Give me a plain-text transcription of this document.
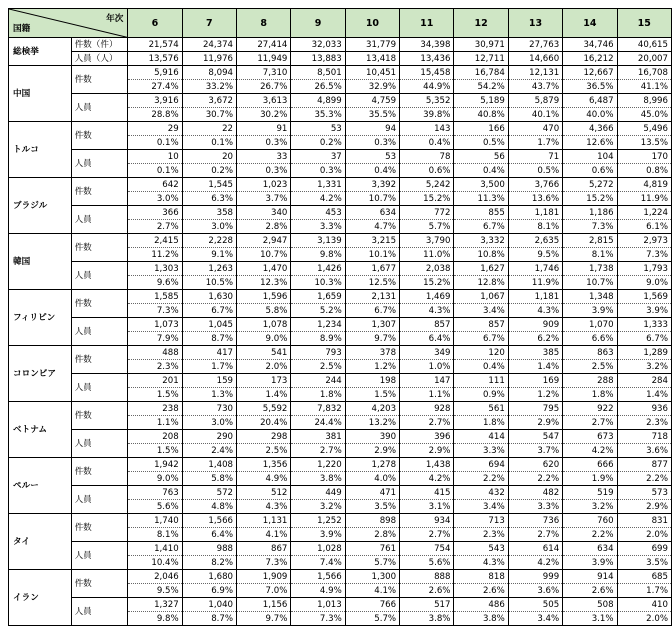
年次
国籍		6	7	8	9	10	11	12	13	14	15
総検挙	件数（件）	21,574	24,374	27,414	32,033	31,779	34,398	30,971	27,763	34,746	40,615
	人員（人）	13,576	11,976	11,949	13,883	13,418	13,436	12,711	14,660	16,212	20,007
中国	件数	5,916	8,094	7,310	8,501	10,451	15,458	16,784	12,131	12,667	16,708
		27.4%	33.2%	26.7%	26.5%	32.9%	44.9%	54.2%	43.7%	36.5%	41.1%
	人員	3,916	3,672	3,613	4,899	4,759	5,352	5,189	5,879	6,487	8,996
		28.8%	30.7%	30.2%	35.3%	35.5%	39.8%	40.8%	40.1%	40.0%	45.0%
トルコ	件数	29	22	91	53	94	143	166	470	4,366	5,496
		0.1%	0.1%	0.3%	0.2%	0.3%	0.4%	0.5%	1.7%	12.6%	13.5%
	人員	10	20	33	37	53	78	56	71	104	170
		0.1%	0.2%	0.3%	0.3%	0.4%	0.6%	0.4%	0.5%	0.6%	0.8%
ブラジル	件数	642	1,545	1,023	1,331	3,392	5,242	3,500	3,766	5,272	4,819
		3.0%	6.3%	3.7%	4.2%	10.7%	15.2%	11.3%	13.6%	15.2%	11.9%
	人員	366	358	340	453	634	772	855	1,181	1,186	1,224
		2.7%	3.0%	2.8%	3.3%	4.7%	5.7%	6.7%	8.1%	7.3%	6.1%
韓国	件数	2,415	2,228	2,947	3,139	3,215	3,790	3,332	2,635	2,815	2,973
		11.2%	9.1%	10.7%	9.8%	10.1%	11.0%	10.8%	9.5%	8.1%	7.3%
	人員	1,303	1,263	1,470	1,426	1,677	2,038	1,627	1,746	1,738	1,793
		9.6%	10.5%	12.3%	10.3%	12.5%	15.2%	12.8%	11.9%	10.7%	9.0%
フィリピン	件数	1,585	1,630	1,596	1,659	2,131	1,469	1,067	1,181	1,348	1,569
		7.3%	6.7%	5.8%	5.2%	6.7%	4.3%	3.4%	4.3%	3.9%	3.9%
	人員	1,073	1,045	1,078	1,234	1,307	857	857	909	1,070	1,333
		7.9%	8.7%	9.0%	8.9%	9.7%	6.4%	6.7%	6.2%	6.6%	6.7%
コロンビア	件数	488	417	541	793	378	349	120	385	863	1,289
		2.3%	1.7%	2.0%	2.5%	1.2%	1.0%	0.4%	1.4%	2.5%	3.2%
	人員	201	159	173	244	198	147	111	169	288	284
		1.5%	1.3%	1.4%	1.8%	1.5%	1.1%	0.9%	1.2%	1.8%	1.4%
ベトナム	件数	238	730	5,592	7,832	4,203	928	561	795	922	936
		1.1%	3.0%	20.4%	24.4%	13.2%	2.7%	1.8%	2.9%	2.7%	2.3%
	人員	208	290	298	381	390	396	414	547	673	718
		1.5%	2.4%	2.5%	2.7%	2.9%	2.9%	3.3%	3.7%	4.2%	3.6%
ペルー	件数	1,942	1,408	1,356	1,220	1,278	1,438	694	620	666	877
		9.0%	5.8%	4.9%	3.8%	4.0%	4.2%	2.2%	2.2%	1.9%	2.2%
	人員	763	572	512	449	471	415	432	482	519	573
		5.6%	4.8%	4.3%	3.2%	3.5%	3.1%	3.4%	3.3%	3.2%	2.9%
タイ	件数	1,740	1,566	1,131	1,252	898	934	713	736	760	831
		8.1%	6.4%	4.1%	3.9%	2.8%	2.7%	2.3%	2.7%	2.2%	2.0%
	人員	1,410	988	867	1,028	761	754	543	614	634	699
		10.4%	8.2%	7.3%	7.4%	5.7%	5.6%	4.3%	4.2%	3.9%	3.5%
イラン	件数	2,046	1,680	1,909	1,566	1,300	888	818	999	914	685
		9.5%	6.9%	7.0%	4.9%	4.1%	2.6%	2.6%	3.6%	2.6%	1.7%
	人員	1,327	1,040	1,156	1,013	766	517	486	505	508	410
		9.8%	8.7%	9.7%	7.3%	5.7%	3.8%	3.8%	3.4%	3.1%	2.0%
